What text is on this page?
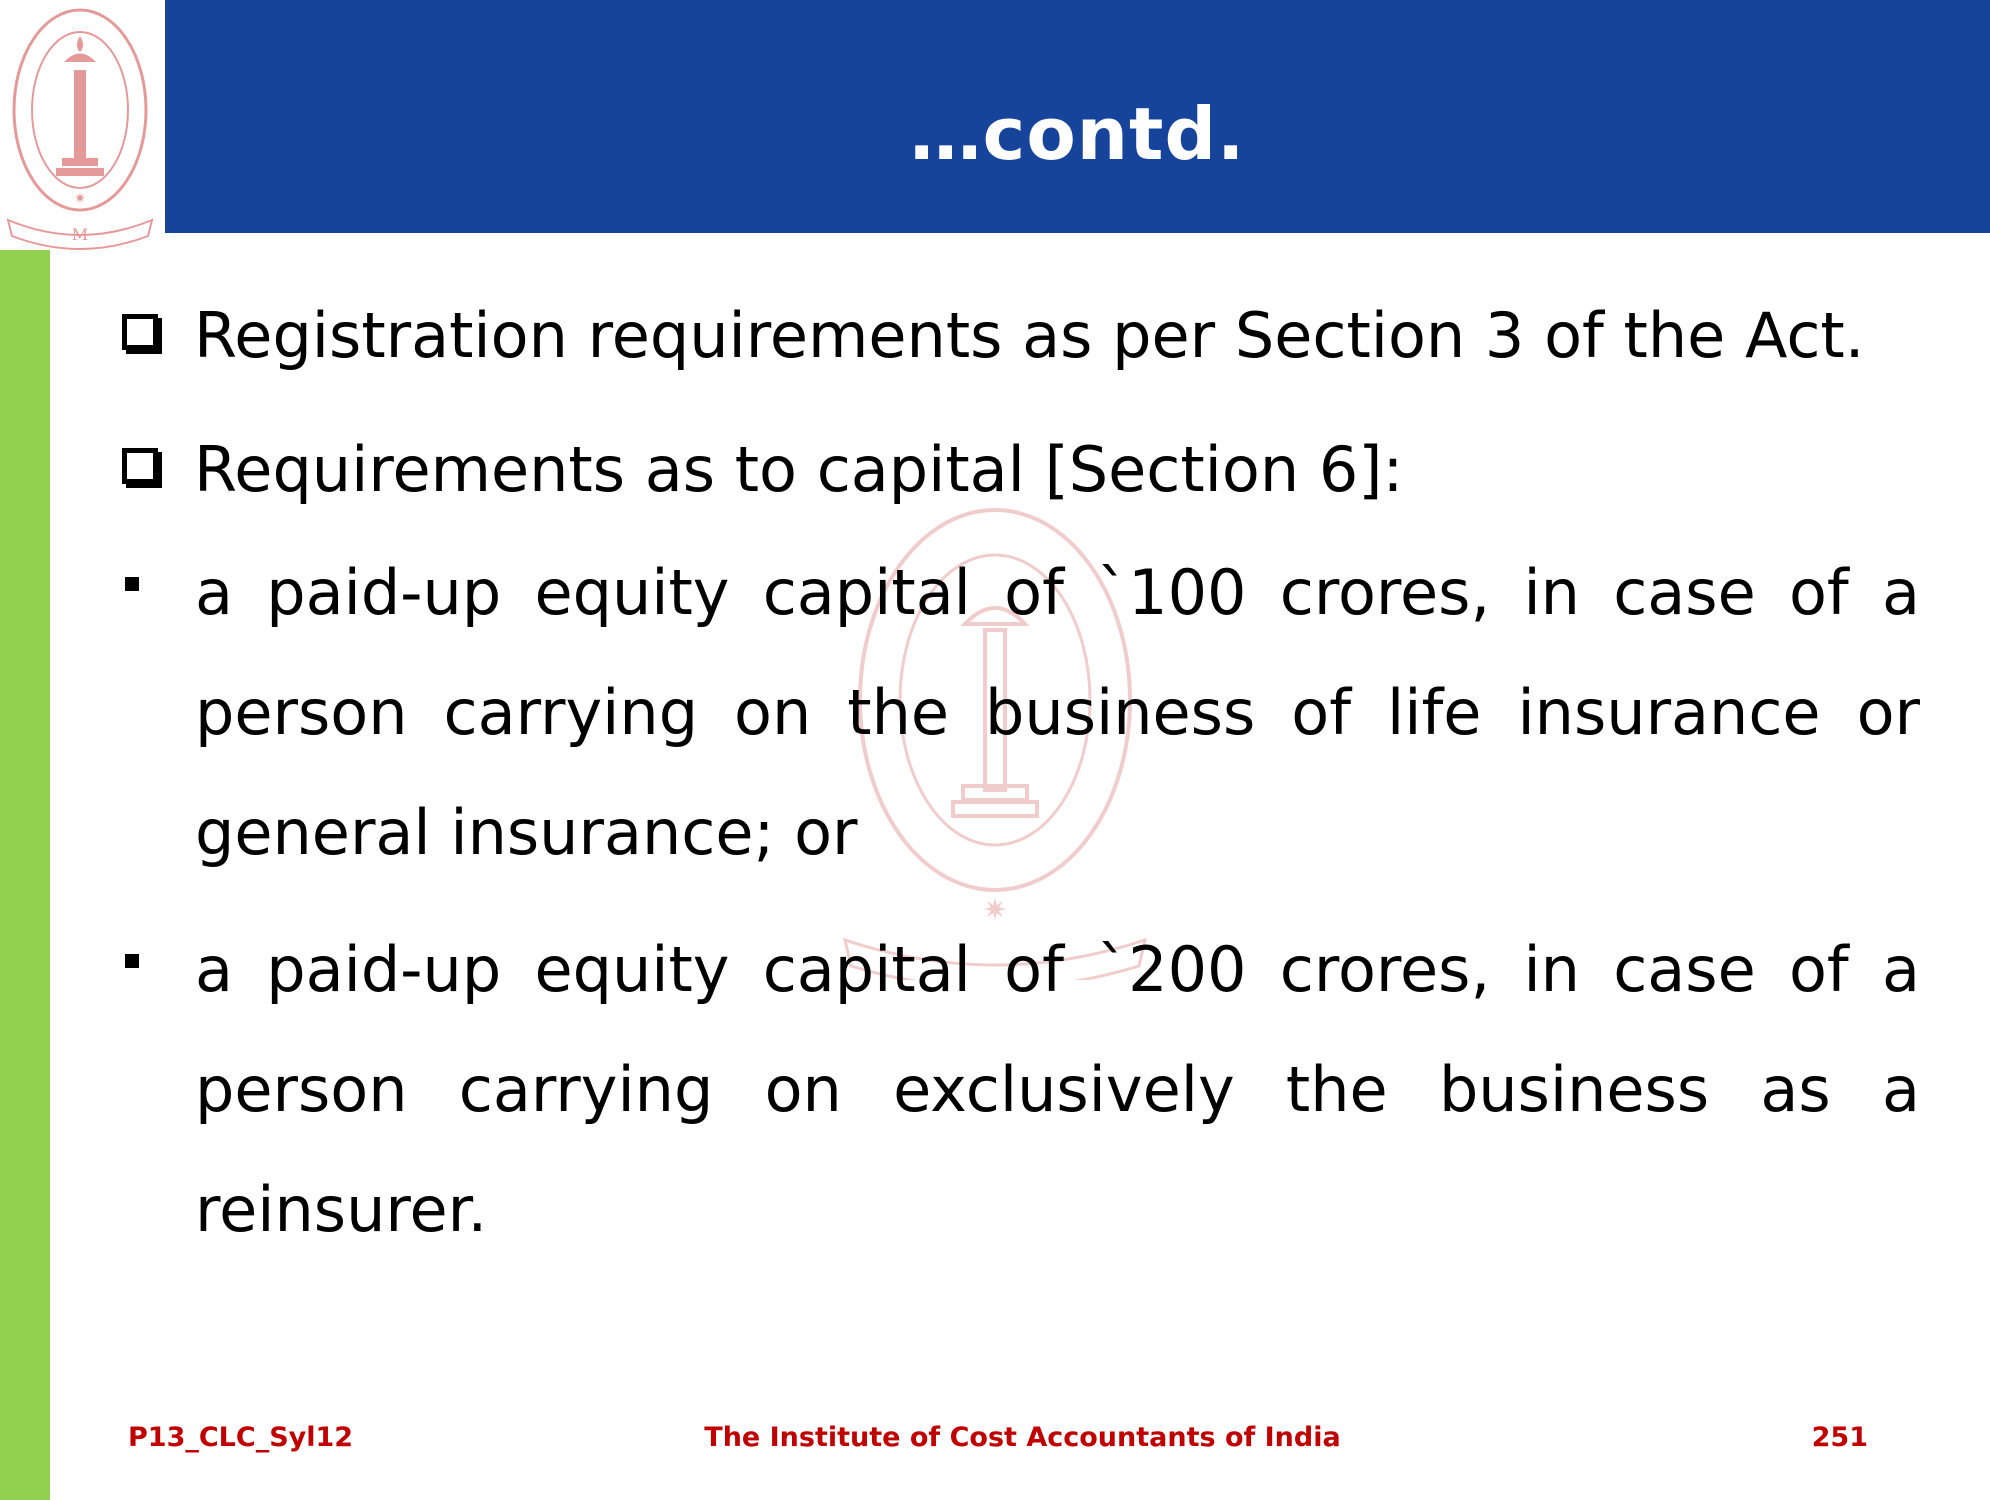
M
✷
…contd.
✷
Registration requirements as per Section 3 of the Act.
Requirements as to capital [Section 6]:
a paid-up equity capital of `100 crores, in case of a person carrying on the business of life insurance or general insurance; or
a paid-up equity capital of `200 crores, in case of a person carrying on exclusively the business as a reinsurer.
P13_CLC_Syl12	The Institute of Cost Accountants of India	251
